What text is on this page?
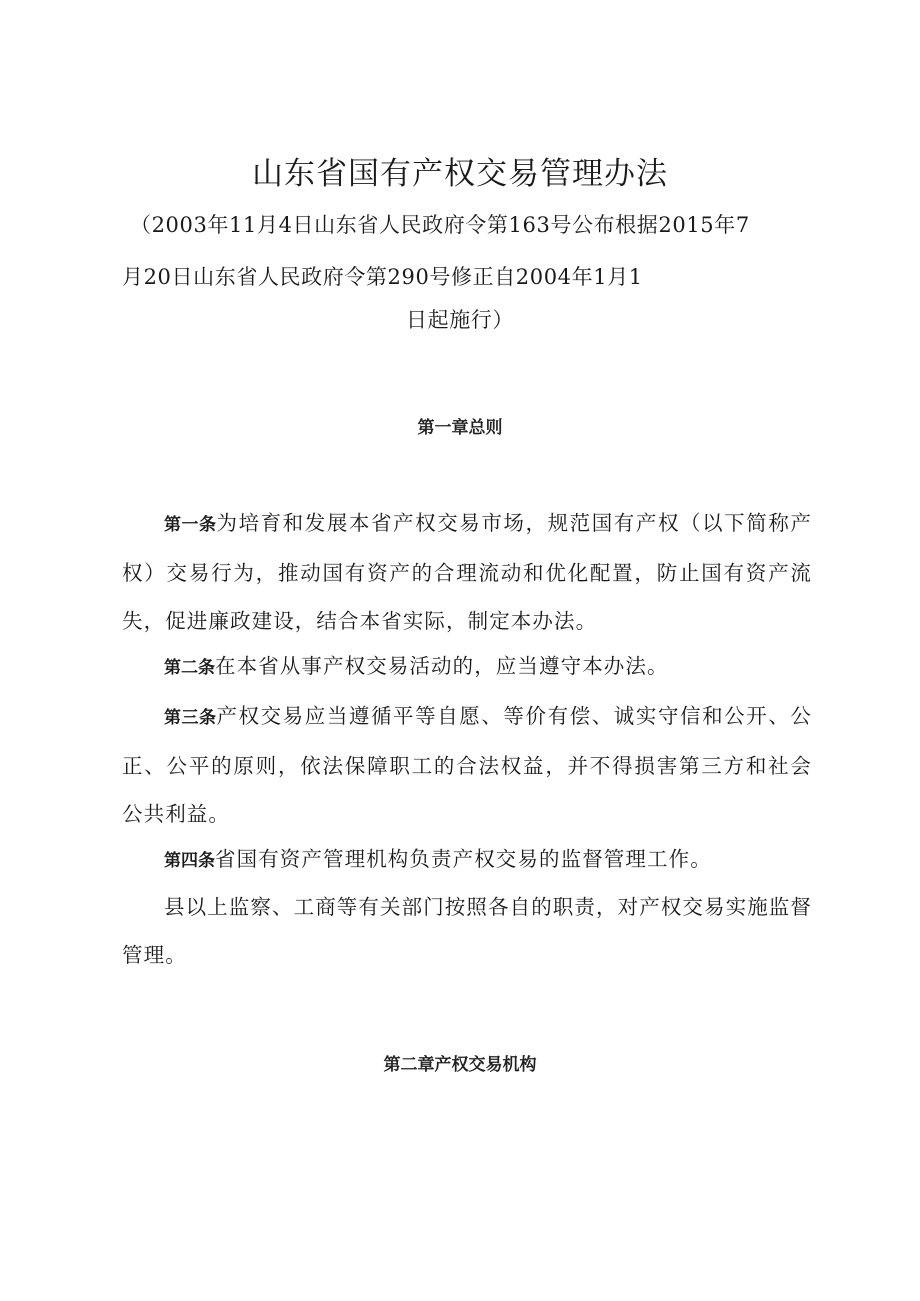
山东省国有产权交易管理办法
（2003年11月4日山东省人民政府令第163号公布根据2015年7
月20日山东省人民政府令第290号修正自2004年1月1
日起施行）
第一章总则

第一条为培育和发展本省产权交易市场，规范国有产权（以下简称产权）交易行为，推动国有资产的合理流动和优化配置，防止国有资产流失，促进廉政建设，结合本省实际，制定本办法。

第二条在本省从事产权交易活动的，应当遵守本办法。

第三条产权交易应当遵循平等自愿、等价有偿、诚实守信和公开、公正、公平的原则，依法保障职工的合法权益，并不得损害第三方和社会公共利益。

第四条省国有资产管理机构负责产权交易的监督管理工作。

县以上监察、工商等有关部门按照各自的职责，对产权交易实施监督管理。

第二章产权交易机构
